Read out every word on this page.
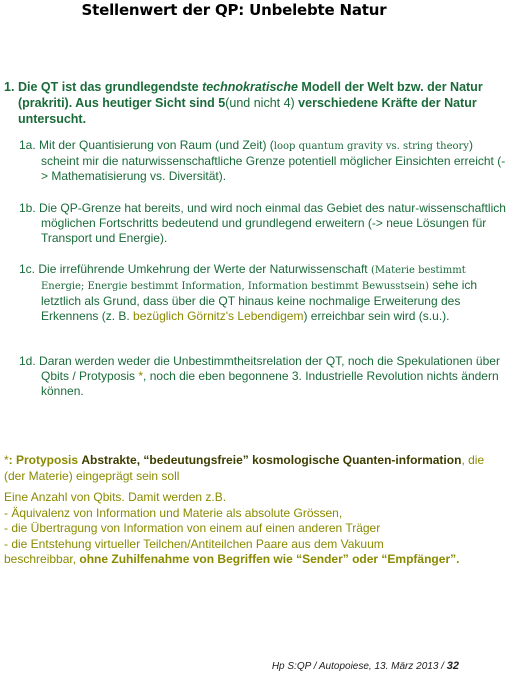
Stellenwert der QP: Unbelebte Natur
1. Die QT ist das grundlegendste technokratische Modell der Welt bzw. der Natur (prakriti). Aus heutiger Sicht sind 5(und nicht 4) verschiedene Kräfte der Natur untersucht.
1a. Mit der Quantisierung von Raum (und Zeit) (loop quantum gravity vs. string theory) scheint mir die naturwissenschaftliche Grenze potentiell möglicher Einsichten erreicht (-> Mathematisierung vs. Diversität).
1b. Die QP-Grenze hat bereits, und wird noch einmal das Gebiet des natur-wissenschaftlich möglichen Fortschritts bedeutend und grundlegend erweitern (-> neue Lösungen für Transport und Energie).
1c. Die irreführende Umkehrung der Werte der Naturwissenschaft (Materie bestimmt Energie; Energie bestimmt Information, Information bestimmt Bewusstsein) sehe ich letztlich als Grund, dass über die QT hinaus keine nochmalige Erweiterung des Erkennens (z. B. bezüglich Görnitz's Lebendigem) erreichbar sein wird (s.u.).
1d. Daran werden weder die Unbestimmtheitsrelation der QT, noch die Spekulationen über Qbits / Protyposis *, noch die eben begonnene 3. Industrielle Revolution nichts ändern können.
*: Protyposis Abstrakte, “bedeutungsfreie” kosmologische Quanten-information, die (der Materie) eingeprägt sein soll
Eine Anzahl von Qbits. Damit werden z.B.
- Äquivalenz von Information und Materie als absolute Grössen,
- die Übertragung von Information von einem auf einen anderen Träger
- die Entstehung virtueller Teilchen/Antiteilchen Paare aus dem Vakuum
beschreibbar, ohne Zuhilfenahme von Begriffen wie “Sender” oder “Empfänger”.
Hp S:QP / Autopoiese, 13. März 2013 / 32
